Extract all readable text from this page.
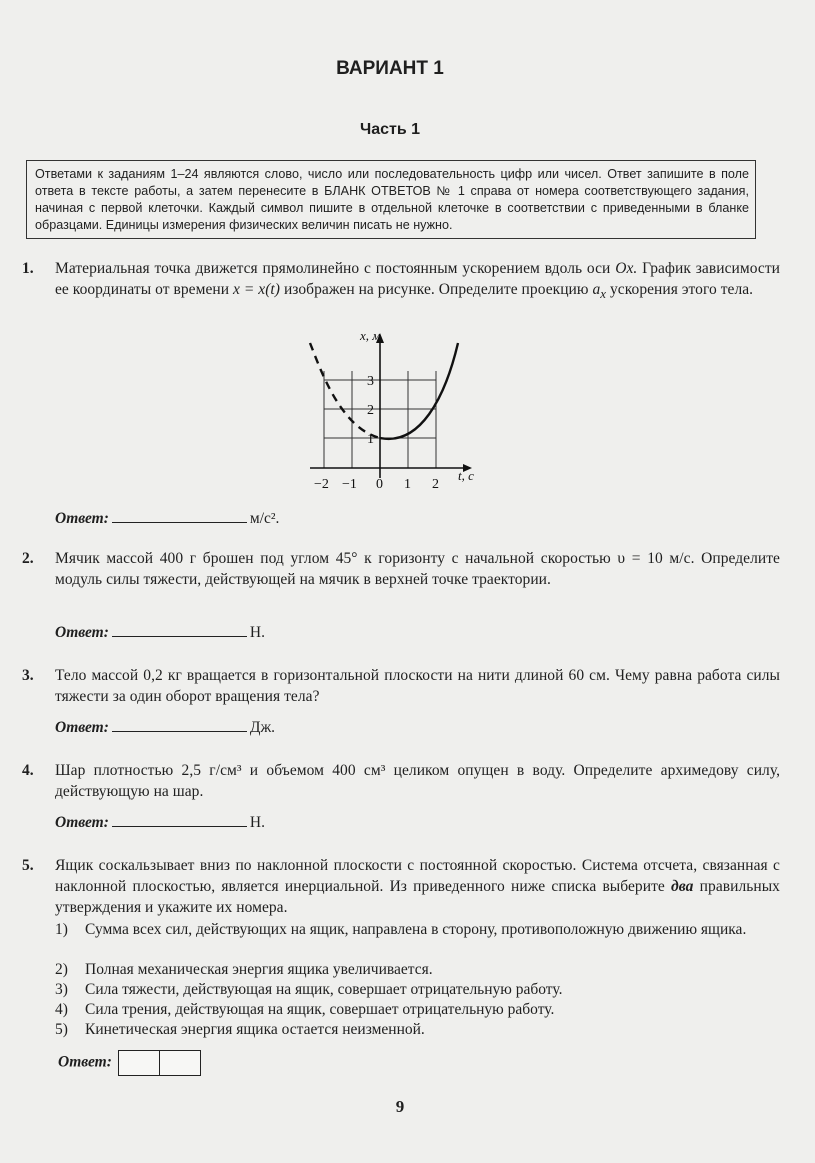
ВАРИАНТ 1
Часть 1
Ответами к заданиям 1–24 являются слово, число или последовательность цифр или чисел. Ответ запишите в поле ответа в тексте работы, а затем перенесите в БЛАНК ОТВЕТОВ № 1 справа от номера соответствующего задания, начиная с первой клеточки. Каждый символ пишите в отдельной клеточке в соответствии с приведенными в бланке образцами. Единицы измерения физических величин писать не нужно.
1. Материальная точка движется прямолинейно с постоянным ускорением вдоль оси Ox. График зависимости ее координаты от времени x = x(t) изображен на рисунке. Определите проекцию $a_x$ ускорения этого тела.
x, м
t, с
3
2
1
−2 −1 0 1 2
Ответ:	м/с².
2. Мячик массой 400 г брошен под углом 45° к горизонту с начальной скоростью υ = 10 м/с. Определите модуль силы тяжести, действующей на мячик в верхней точке траектории.
Ответ:	Н.
3. Тело массой 0,2 кг вращается в горизонтальной плоскости на нити длиной 60 см. Чему равна работа силы тяжести за один оборот вращения тела?
Ответ:	Дж.
4. Шар плотностью 2,5 г/см³ и объемом 400 см³ целиком опущен в воду. Определите архимедову силу, действующую на шар.
Ответ:	Н.
5. Ящик соскальзывает вниз по наклонной плоскости с постоянной скоростью. Система отсчета, связанная с наклонной плоскостью, является инерциальной. Из приведенного ниже списка выберите два правильных утверждения и укажите их номера.
1) Сумма всех сил, действующих на ящик, направлена в сторону, противоположную движению ящика.
2) Полная механическая энергия ящика увеличивается.
3) Сила тяжести, действующая на ящик, совершает отрицательную работу.
4) Сила трения, действующая на ящик, совершает отрицательную работу.
5) Кинетическая энергия ящика остается неизменной.
Ответ:
9
